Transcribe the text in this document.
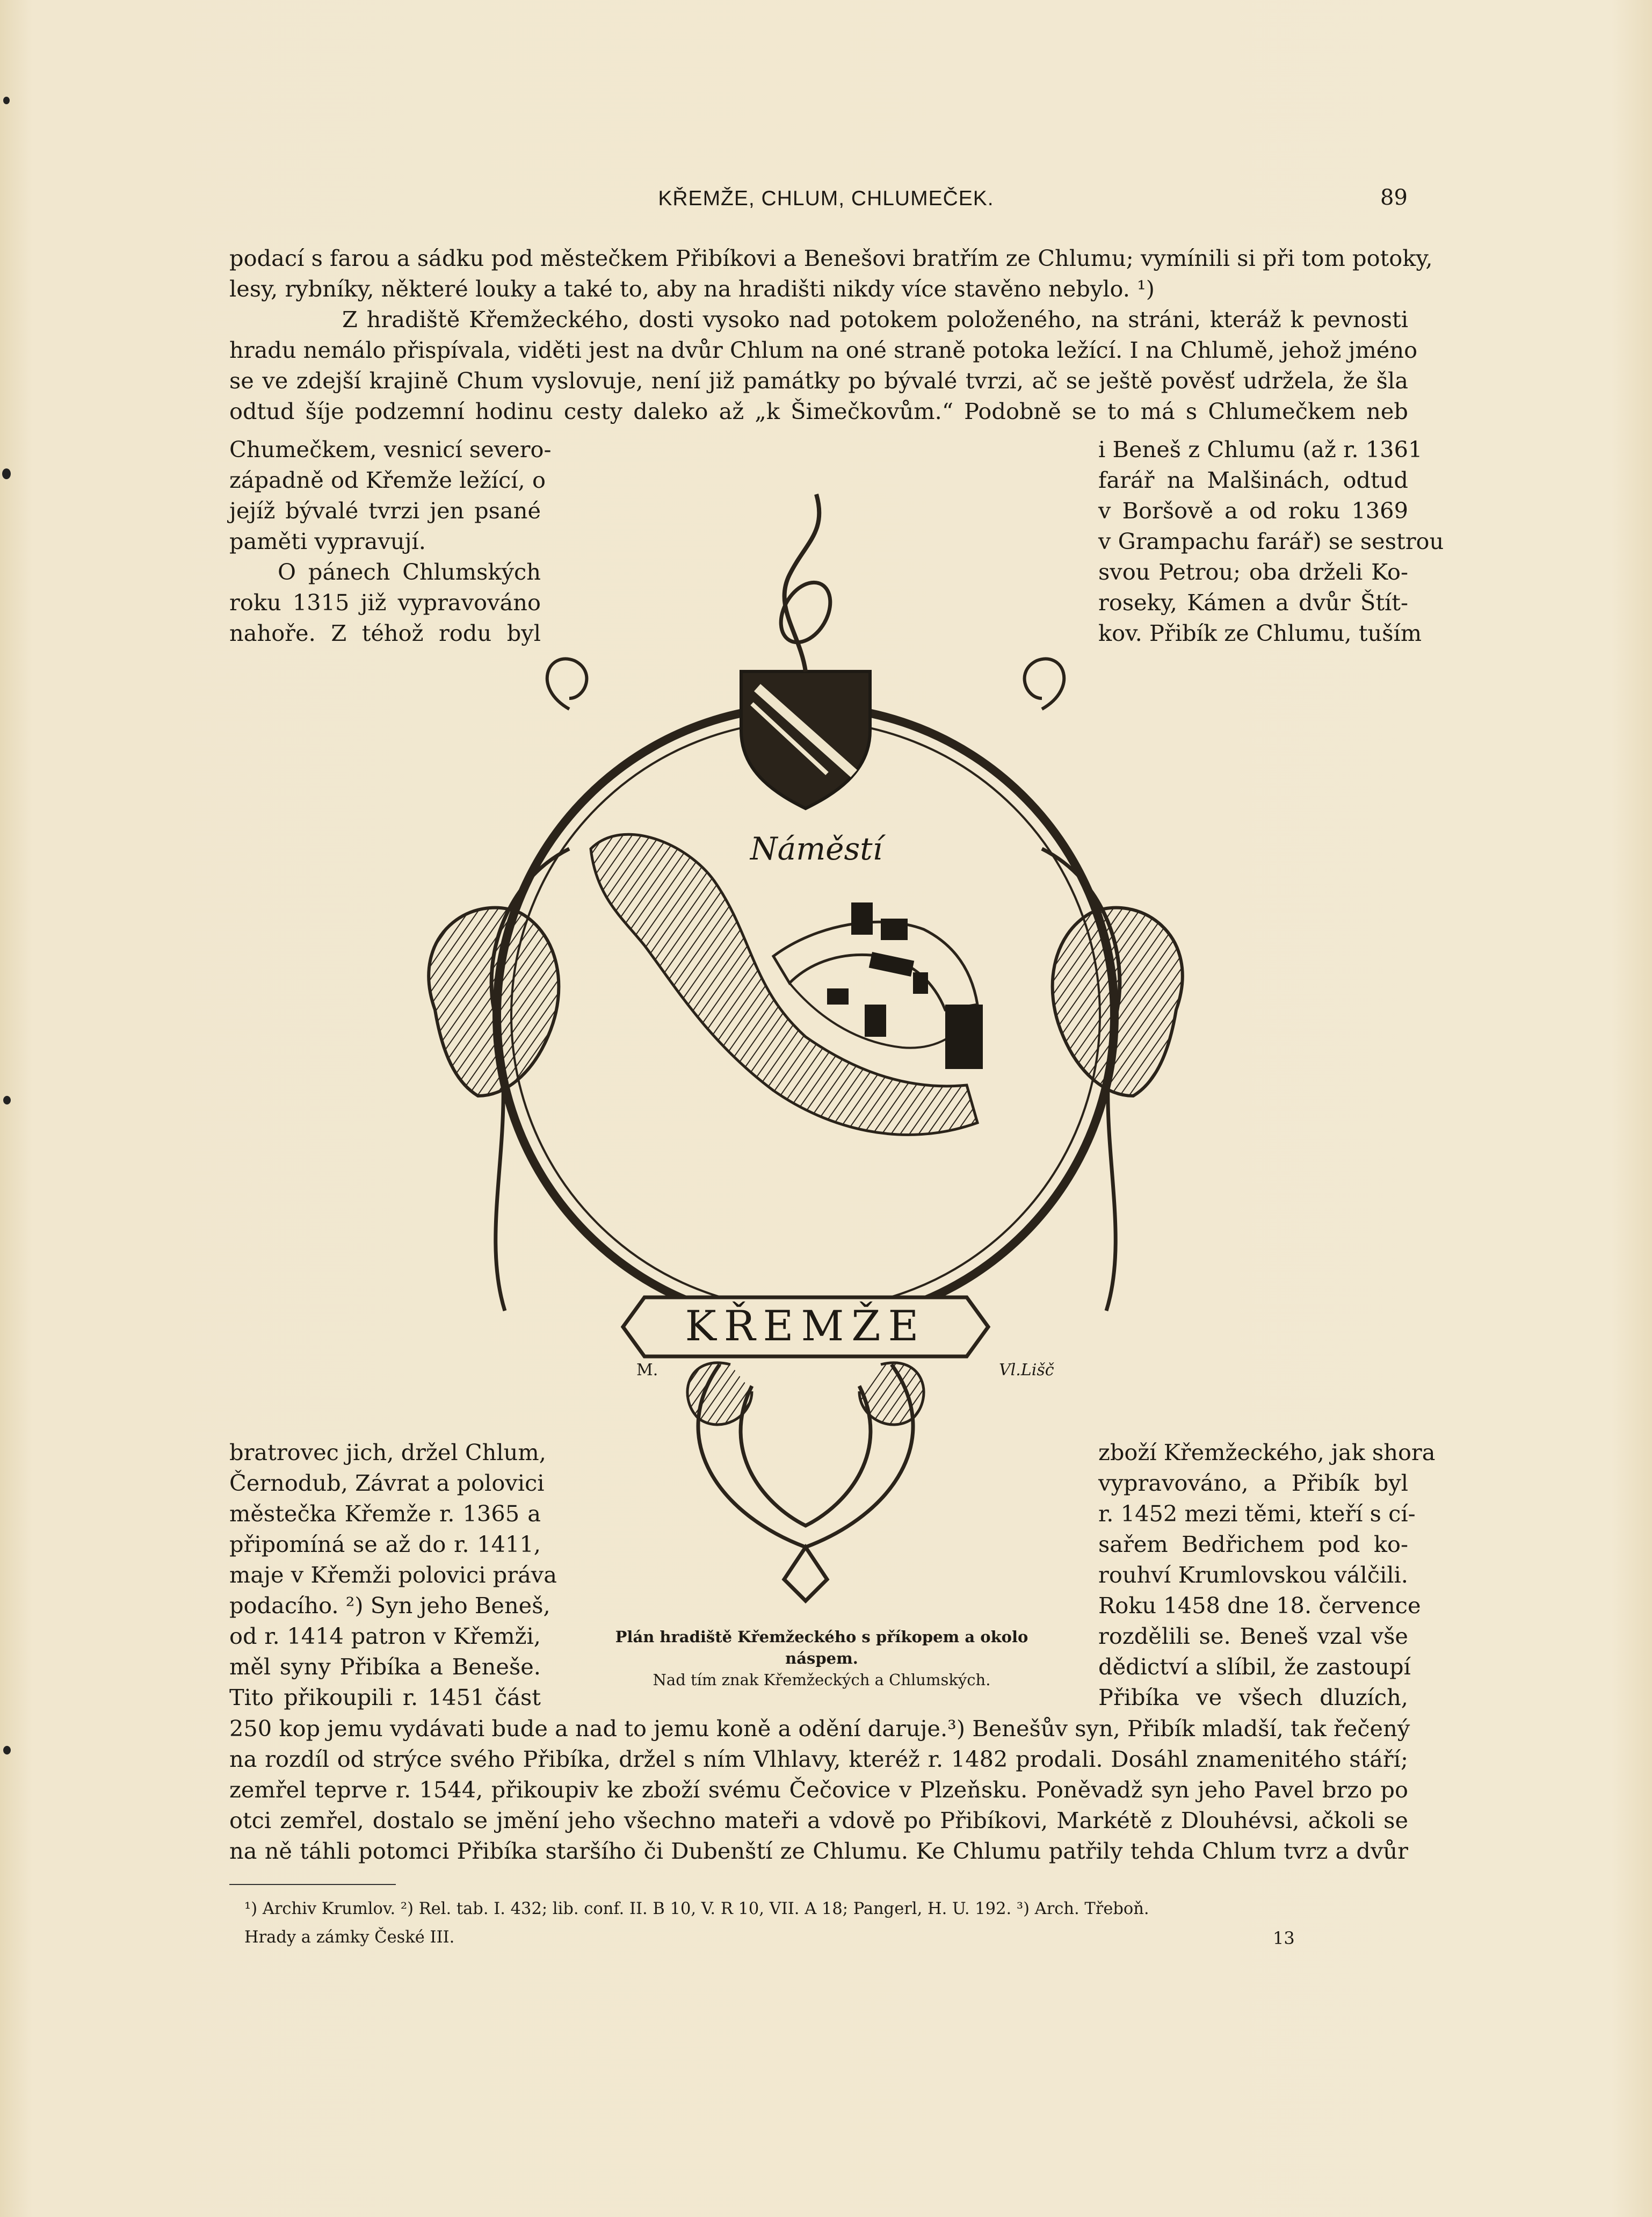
KŘEMŽE, CHLUM, CHLUMEČEK.	89
podací s farou a sádku pod městečkem Přibíkovi a Benešovi bratřím ze Chlumu; vymínili si při tom potoky,
lesy, rybníky, některé louky a také to, aby na hradišti nikdy více stavěno nebylo. ¹)
Z hradiště Křemžeckého, dosti vysoko nad potokem položeného, na stráni, kteráž k pevnosti
hradu nemálo přispívala, viděti jest na dvůr Chlum na oné straně potoka ležící. I na Chlumě, jehož jméno
se ve zdejší krajině Chum vyslovuje, není již památky po bývalé tvrzi, ač se ještě pověsť udržela, že šla
odtud šíje podzemní hodinu cesty daleko až „k Šimečkovům.“ Podobně se to má s Chlumečkem neb
Chumečkem, vesnicí severo-
západně od Křemže ležící, o
jejíž bývalé tvrzi jen psané
paměti vypravují.
O pánech Chlumských
roku 1315 již vypravováno
nahoře. Z téhož rodu byl
i Beneš z Chlumu (až r. 1361
farář na Malšinách, odtud
v Boršově a od roku 1369
v Grampachu farář) se sestrou
svou Petrou; oba drželi Ko-
roseky, Kámen a dvůr Štít-
kov. Přibík ze Chlumu, tuším
KŘEMŽE
Náměstí
M.	Vl.Lišč
bratrovec jich, držel Chlum,
Černodub, Závrat a polovici
městečka Křemže r. 1365 a
připomíná se až do r. 1411,
maje v Křemži polovici práva
podacího. ²) Syn jeho Beneš,
od r. 1414 patron v Křemži,
měl syny Přibíka a Beneše.
Tito přikoupili r. 1451 část
zboží Křemžeckého, jak shora
vypravováno, a Přibík byl
r. 1452 mezi těmi, kteří s cí-
sařem Bedřichem pod ko-
rouhví Krumlovskou válčili.
Roku 1458 dne 18. července
rozdělili se. Beneš vzal vše
dědictví a slíbil, že zastoupí
Přibíka ve všech dluzích,
Plán hradiště Křemžeckého s příkopem a okolo náspem.
Nad tím znak Křemžeckých a Chlumských.
250 kop jemu vydávati bude a nad to jemu koně a odění daruje.³) Benešův syn, Přibík mladší, tak řečený
na rozdíl od strýce svého Přibíka, držel s ním Vlhlavy, kteréž r. 1482 prodali. Dosáhl znamenitého stáří;
zemřel teprve r. 1544, přikoupiv ke zboží svému Čečovice v Plzeňsku. Poněvadž syn jeho Pavel brzo po
otci zemřel, dostalo se jmění jeho všechno mateři a vdově po Přibíkovi, Markétě z Dlouhévsi, ačkoli se
na ně táhli potomci Přibíka staršího či Dubenští ze Chlumu. Ke Chlumu patřily tehda Chlum tvrz a dvůr
¹) Archiv Krumlov. ²) Rel. tab. I. 432; lib. conf. II. B 10, V. R 10, VII. A 18; Pangerl, H. U. 192. ³) Arch. Třeboň.
Hrady a zámky České III.	13
